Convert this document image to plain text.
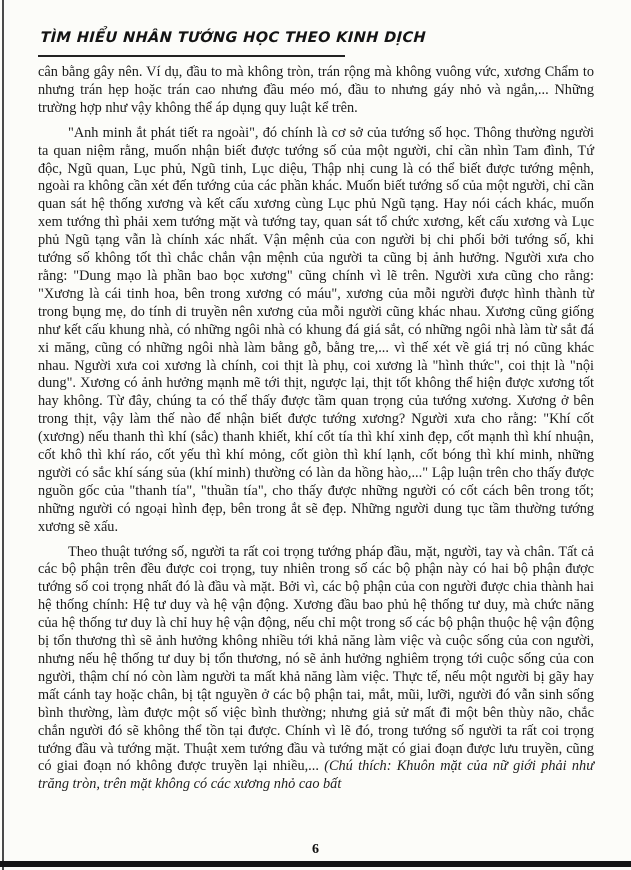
TÌM HIỂU NHÂN TƯỚNG HỌC THEO KINH DỊCH

cân bằng gây nên. Ví dụ, đầu to mà không tròn, trán rộng mà không vuông vức, xương Chẩm to nhưng trán hẹp hoặc trán cao nhưng đầu méo mó, đầu to nhưng gáy nhỏ và ngắn,... Những trường hợp như vậy không thể áp dụng quy luật kể trên.

"Anh minh ắt phát tiết ra ngoài", đó chính là cơ sở của tướng số học. Thông thường người ta quan niệm rằng, muốn nhận biết được tướng số của một người, chỉ cần nhìn Tam đình, Tứ độc, Ngũ quan, Lục phủ, Ngũ tinh, Lục diệu, Thập nhị cung là có thể biết được tướng mệnh, ngoài ra không cần xét đến tướng của các phần khác. Muốn biết tướng số của một người, chỉ cần quan sát hệ thống xương và kết cấu xương cùng Lục phủ Ngũ tạng. Hay nói cách khác, muốn xem tướng thì phải xem tướng mặt và tướng tay, quan sát tổ chức xương, kết cấu xương và Lục phủ Ngũ tạng vẫn là chính xác nhất. Vận mệnh của con người bị chi phối bởi tướng số, khi tướng số không tốt thì chắc chắn vận mệnh của người ta cũng bị ảnh hưởng. Người xưa cho rằng: "Dung mạo là phần bao bọc xương" cũng chính vì lẽ trên. Người xưa cũng cho rằng: "Xương là cái tinh hoa, bên trong xương có máu", xương của mỗi người được hình thành từ trong bụng mẹ, do tính di truyền nên xương của mỗi người cũng khác nhau. Xương cũng giống như kết cấu khung nhà, có những ngôi nhà có khung đá giá sắt, có những ngôi nhà làm từ sắt đá xi măng, cũng có những ngôi nhà làm bằng gỗ, bằng tre,... vì thế xét về giá trị nó cũng khác nhau. Người xưa coi xương là chính, coi thịt là phụ, coi xương là "hình thức", coi thịt là "nội dung". Xương có ảnh hưởng mạnh mẽ tới thịt, ngược lại, thịt tốt không thể hiện được xương tốt hay không. Từ đây, chúng ta có thể thấy được tầm quan trọng của tướng xương. Xương ở bên trong thịt, vậy làm thế nào để nhận biết được tướng xương? Người xưa cho rằng: "Khí cốt (xương) nếu thanh thì khí (sắc) thanh khiết, khí cốt tía thì khí xinh đẹp, cốt mạnh thì khí nhuận, cốt khô thì khí ráo, cốt yếu thì khí mỏng, cốt giòn thì khí lạnh, cốt bóng thì khí minh, những người có sắc khí sáng sủa (khí minh) thường có làn da hồng hào,..." Lập luận trên cho thấy được nguồn gốc của "thanh tía", "thuần tía", cho thấy được những người có cốt cách bên trong tốt; những người có ngoại hình đẹp, bên trong ắt sẽ đẹp. Những người dung tục tầm thường tướng xương sẽ xấu.

Theo thuật tướng số, người ta rất coi trọng tướng pháp đầu, mặt, người, tay và chân. Tất cả các bộ phận trên đều được coi trọng, tuy nhiên trong số các bộ phận này có hai bộ phận được tướng số coi trọng nhất đó là đầu và mặt. Bởi vì, các bộ phận của con người được chia thành hai hệ thống chính: Hệ tư duy và hệ vận động. Xương đầu bao phủ hệ thống tư duy, mà chức năng của hệ thống tư duy là chỉ huy hệ vận động, nếu chỉ một trong số các bộ phận thuộc hệ vận động bị tổn thương thì sẽ ảnh hưởng không nhiều tới khả năng làm việc và cuộc sống của con người, nhưng nếu hệ thống tư duy bị tổn thương, nó sẽ ảnh hưởng nghiêm trọng tới cuộc sống của con người, thậm chí nó còn làm người ta mất khả năng làm việc. Thực tế, nếu một người bị gãy hay mất cánh tay hoặc chân, bị tật nguyền ở các bộ phận tai, mắt, mũi, lưỡi, người đó vẫn sinh sống bình thường, làm được một số việc bình thường; nhưng giả sử mất đi một bên thùy não, chắc chắn người đó sẽ không thể tồn tại được. Chính vì lẽ đó, trong tướng số người ta rất coi trọng tướng đầu và tướng mặt. Thuật xem tướng đầu và tướng mặt có giai đoạn được lưu truyền, cũng có giai đoạn nó không được truyền lại nhiều,... (Chú thích: Khuôn mặt của nữ giới phải như trăng tròn, trên mặt không có các xương nhỏ cao bất

6
